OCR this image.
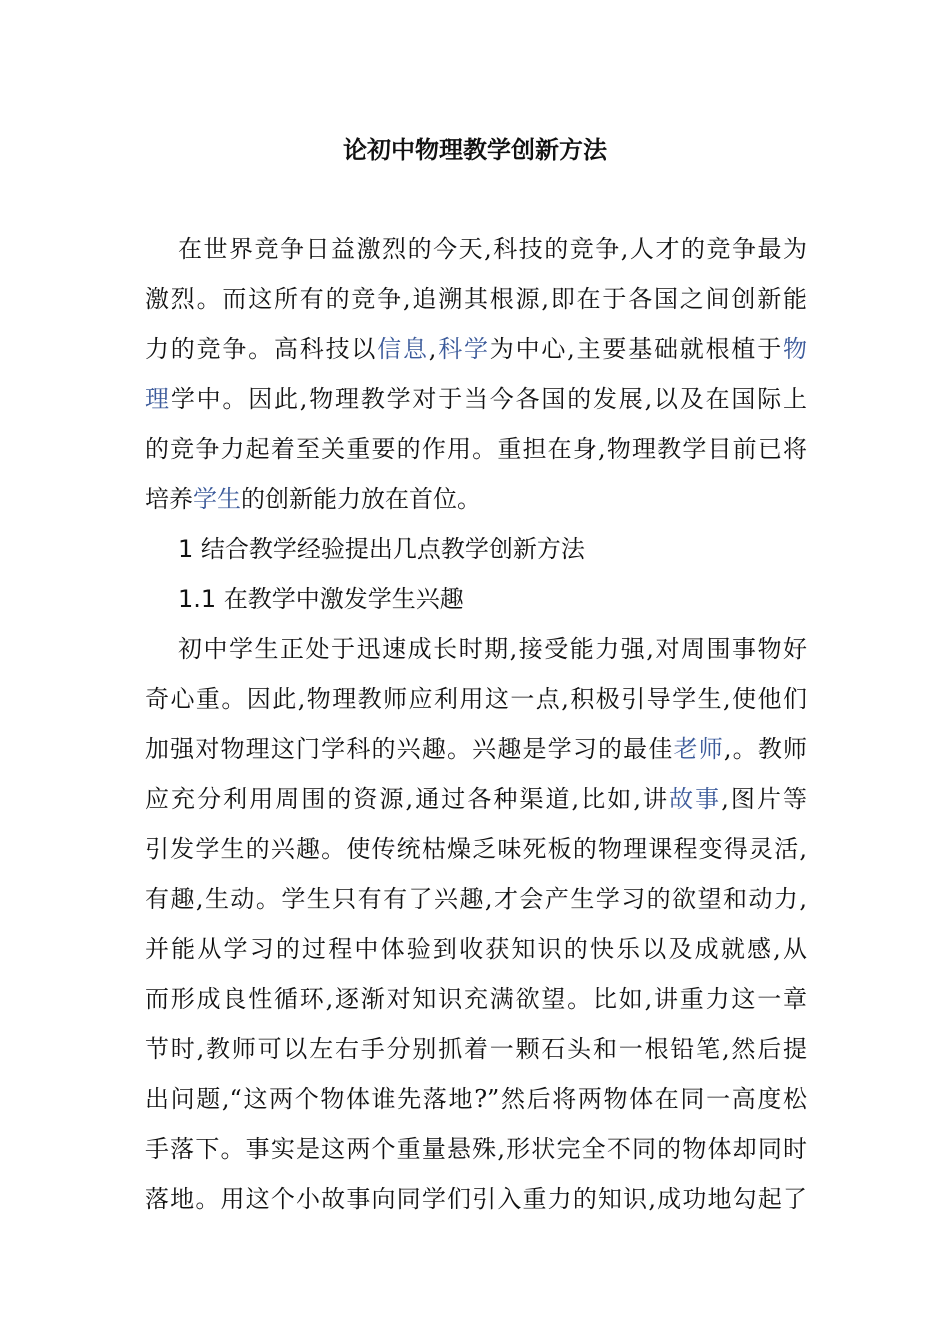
论初中物理教学创新方法
在世界竞争日益激烈的今天,科技的竞争,人才的竞争最为
激烈。而这所有的竞争,追溯其根源,即在于各国之间创新能
力的竞争。高科技以信息,科学为中心,主要基础就根植于物
理学中。因此,物理教学对于当今各国的发展,以及在国际上
的竞争力起着至关重要的作用。重担在身,物理教学目前已将
培养学生的创新能力放在首位。
1 结合教学经验提出几点教学创新方法
1.1 在教学中激发学生兴趣
初中学生正处于迅速成长时期,接受能力强,对周围事物好
奇心重。因此,物理教师应利用这一点,积极引导学生,使他们
加强对物理这门学科的兴趣。兴趣是学习的最佳老师,。教师
应充分利用周围的资源,通过各种渠道,比如,讲故事,图片等
引发学生的兴趣。使传统枯燥乏味死板的物理课程变得灵活,
有趣,生动。学生只有有了兴趣,才会产生学习的欲望和动力,
并能从学习的过程中体验到收获知识的快乐以及成就感,从
而形成良性循环,逐渐对知识充满欲望。比如,讲重力这一章
节时,教师可以左右手分别抓着一颗石头和一根铅笔,然后提
出问题,“这两个物体谁先落地?”然后将两物体在同一高度松
手落下。事实是这两个重量悬殊,形状完全不同的物体却同时
落地。用这个小故事向同学们引入重力的知识,成功地勾起了
